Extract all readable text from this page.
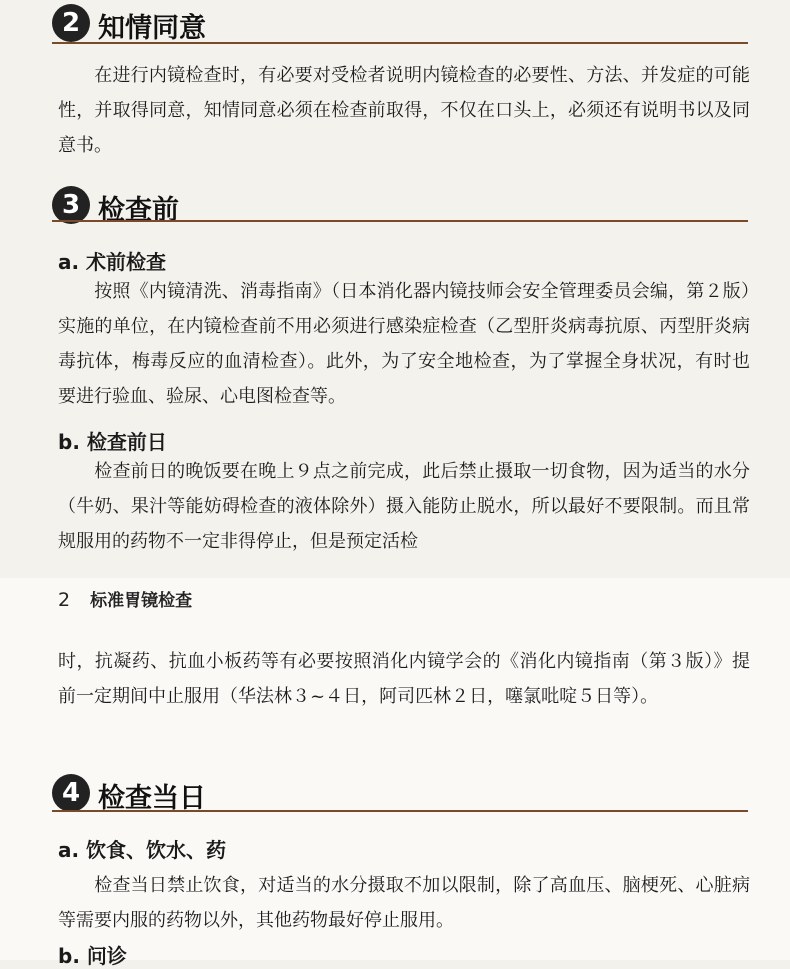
2 知情同意

在进行内镜检查时，有必要对受检者说明内镜检查的必要性、方法、并发症的可能性，并取得同意，知情同意必须在检查前取得，不仅在口头上，必须还有说明书以及同意书。

3 检查前
a. 术前检查

按照《内镜清洗、消毒指南》（日本消化器内镜技师会安全管理委员会编，第２版）实施的单位，在内镜检查前不用必须进行感染症检查（乙型肝炎病毒抗原、丙型肝炎病毒抗体，梅毒反应的血清检查）。此外，为了安全地检查，为了掌握全身状况，有时也要进行验血、验尿、心电图检查等。

b. 检查前日

检查前日的晚饭要在晚上９点之前完成，此后禁止摄取一切食物，因为适当的水分（牛奶、果汁等能妨碍检查的液体除外）摄入能防止脱水，所以最好不要限制。而且常规服用的药物不一定非得停止，但是预定活检

2 标准胃镜检查

时，抗凝药、抗血小板药等有必要按照消化内镜学会的《消化内镜指南（第３版）》提前一定期间中止服用（华法林３~４日，阿司匹林２日，噻氯吡啶５日等）。

4 检查当日
a. 饮食、饮水、药

检查当日禁止饮食，对适当的水分摄取不加以限制，除了高血压、脑梗死、心脏病等需要内服的药物以外，其他药物最好停止服用。

b. 问诊
